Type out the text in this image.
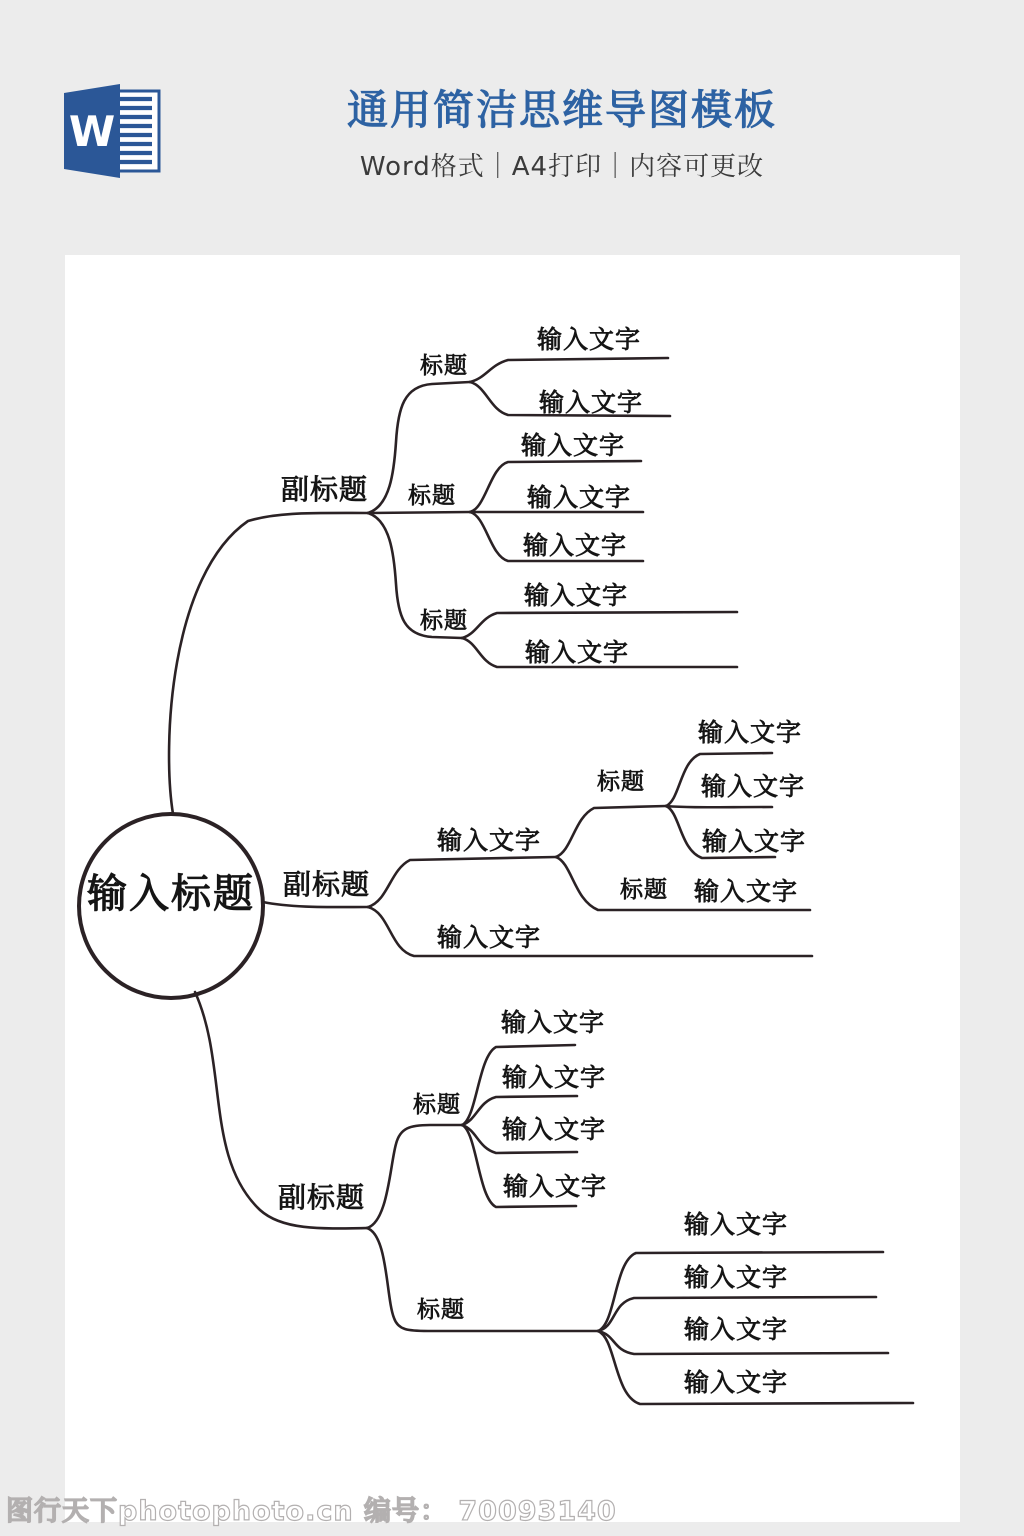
W	通用简洁思维导图模板
Word格式｜A4打印｜内容可更改
输入标题
副标题
标题
输入文字
输入文字
标题
输入文字
输入文字
输入文字
标题
输入文字
输入文字
副标题
输入文字
标题
输入文字
输入文字
输入文字
标题 输入文字
输入文字
副标题
标题
输入文字
输入文字
输入文字
输入文字
标题
输入文字
输入文字
输入文字
输入文字
图行天下photophoto.cn 编号： 70093140
